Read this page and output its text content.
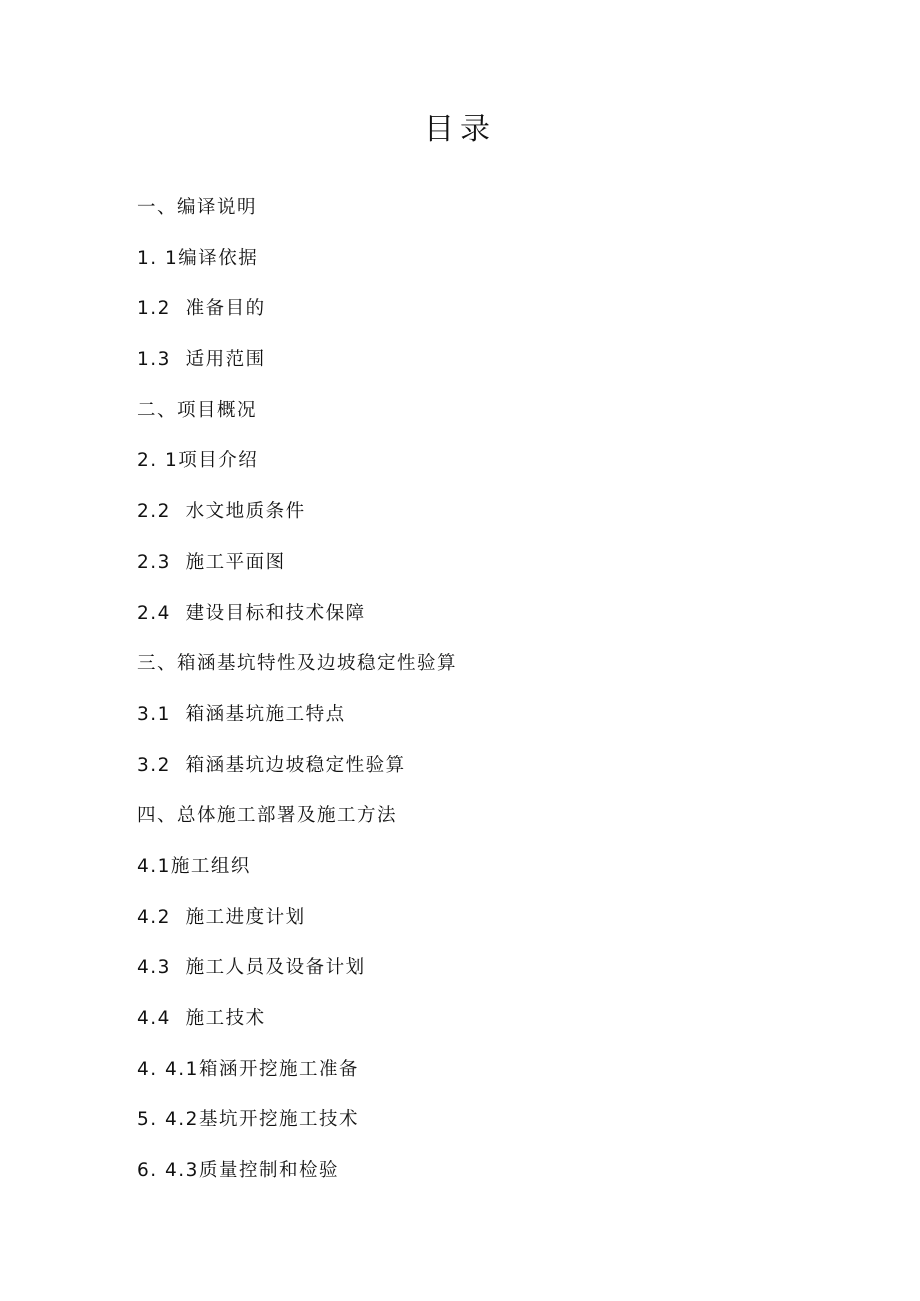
目录
一、编译说明
1. 1编译依据
1.2  准备目的
1.3  适用范围
二、项目概况
2. 1项目介绍
2.2  水文地质条件
2.3  施工平面图
2.4  建设目标和技术保障
三、箱涵基坑特性及边坡稳定性验算
3.1  箱涵基坑施工特点
3.2  箱涵基坑边坡稳定性验算
四、总体施工部署及施工方法
4.1施工组织
4.2  施工进度计划
4.3  施工人员及设备计划
4.4  施工技术
4. 4.1箱涵开挖施工准备
5. 4.2基坑开挖施工技术
6. 4.3质量控制和检验
